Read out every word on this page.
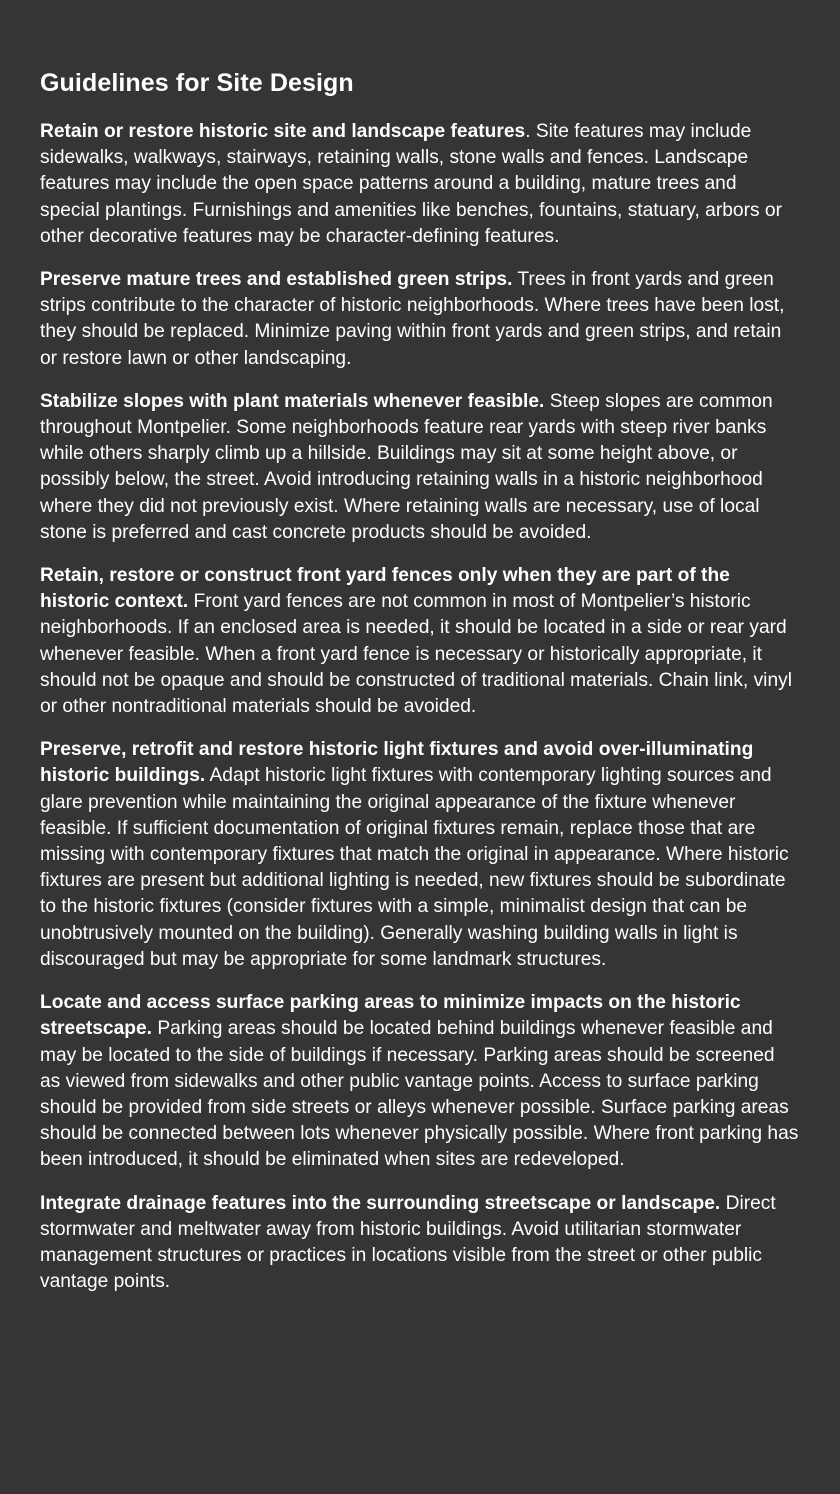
Guidelines for Site Design

Retain or restore historic site and landscape features. Site features may include sidewalks, walkways, stairways, retaining walls, stone walls and fences. Landscape features may include the open space patterns around a building, mature trees and special plantings. Furnishings and amenities like benches, fountains, statuary, arbors or other decorative features may be character-defining features.

Preserve mature trees and established green strips. Trees in front yards and green strips contribute to the character of historic neighborhoods. Where trees have been lost, they should be replaced. Minimize paving within front yards and green strips, and retain or restore lawn or other landscaping.

Stabilize slopes with plant materials whenever feasible. Steep slopes are common throughout Montpelier. Some neighborhoods feature rear yards with steep river banks while others sharply climb up a hillside. Buildings may sit at some height above, or possibly below, the street. Avoid introducing retaining walls in a historic neighborhood where they did not previously exist. Where retaining walls are necessary, use of local stone is preferred and cast concrete products should be avoided.

Retain, restore or construct front yard fences only when they are part of the historic context. Front yard fences are not common in most of Montpelier’s historic neighborhoods. If an enclosed area is needed, it should be located in a side or rear yard whenever feasible. When a front yard fence is necessary or historically appropriate, it should not be opaque and should be constructed of traditional materials. Chain link, vinyl or other nontraditional materials should be avoided.

Preserve, retrofit and restore historic light fixtures and avoid over-illuminating historic buildings. Adapt historic light fixtures with contemporary lighting sources and glare prevention while maintaining the original appearance of the fixture whenever feasible. If sufficient documentation of original fixtures remain, replace those that are missing with contemporary fixtures that match the original in appearance. Where historic fixtures are present but additional lighting is needed, new fixtures should be subordinate to the historic fixtures (consider fixtures with a simple, minimalist design that can be unobtrusively mounted on the building). Generally washing building walls in light is discouraged but may be appropriate for some landmark structures.

Locate and access surface parking areas to minimize impacts on the historic streetscape. Parking areas should be located behind buildings whenever feasible and may be located to the side of buildings if necessary. Parking areas should be screened as viewed from sidewalks and other public vantage points. Access to surface parking should be provided from side streets or alleys whenever possible. Surface parking areas should be connected between lots whenever physically possible. Where front parking has been introduced, it should be eliminated when sites are redeveloped.

Integrate drainage features into the surrounding streetscape or landscape. Direct stormwater and meltwater away from historic buildings. Avoid utilitarian stormwater management structures or practices in locations visible from the street or other public vantage points.
